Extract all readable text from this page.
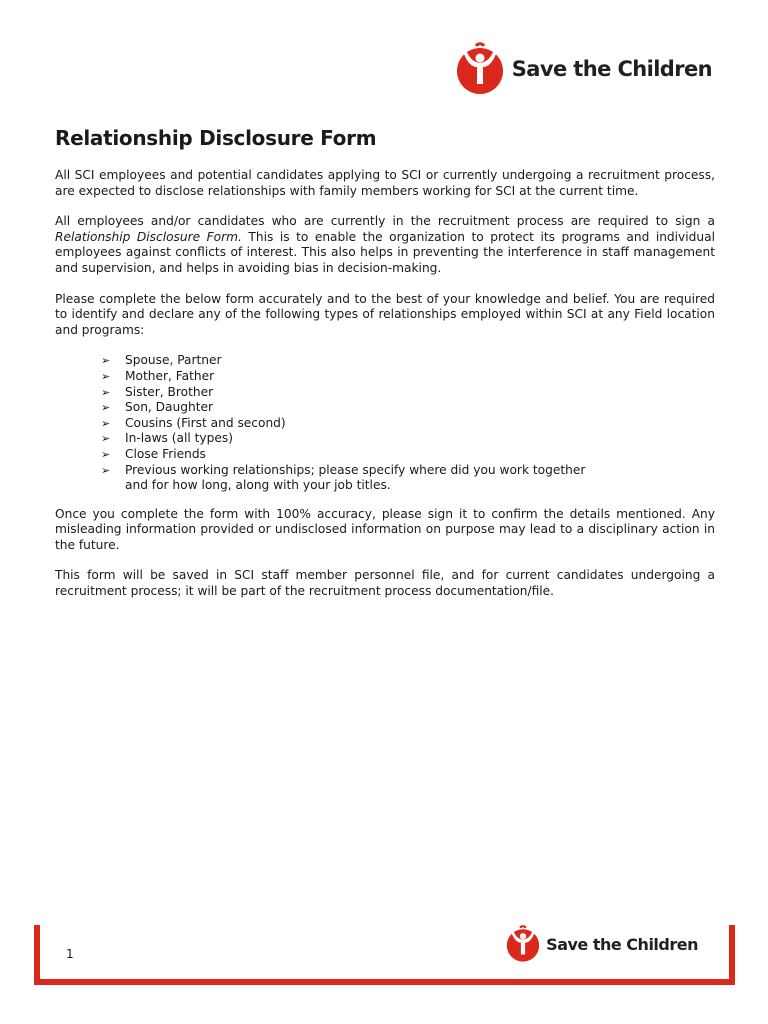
Save the Children
Relationship Disclosure Form

All SCI employees and potential candidates applying to SCI or currently undergoing a recruitment process, are expected to disclose relationships with family members working for SCI at the current time.

All employees and/or candidates who are currently in the recruitment process are required to sign a Relationship Disclosure Form. This is to enable the organization to protect its programs and individual employees against conflicts of interest. This also helps in preventing the interference in staff management and supervision, and helps in avoiding bias in decision-making.

Please complete the below form accurately and to the best of your knowledge and belief. You are required to identify and declare any of the following types of relationships employed within SCI at any Field location and programs:

➢ Spouse, Partner
➢ Mother, Father
➢ Sister, Brother
➢ Son, Daughter
➢ Cousins (First and second)
➢ In-laws (all types)
➢ Close Friends
➢ Previous working relationships; please specify where did you work together and for how long, along with your job titles.

Once you complete the form with 100% accuracy, please sign it to confirm the details mentioned. Any misleading information provided or undisclosed information on purpose may lead to a disciplinary action in the future.

This form will be saved in SCI staff member personnel file, and for current candidates undergoing a recruitment process; it will be part of the recruitment process documentation/file.

1
Save the Children
